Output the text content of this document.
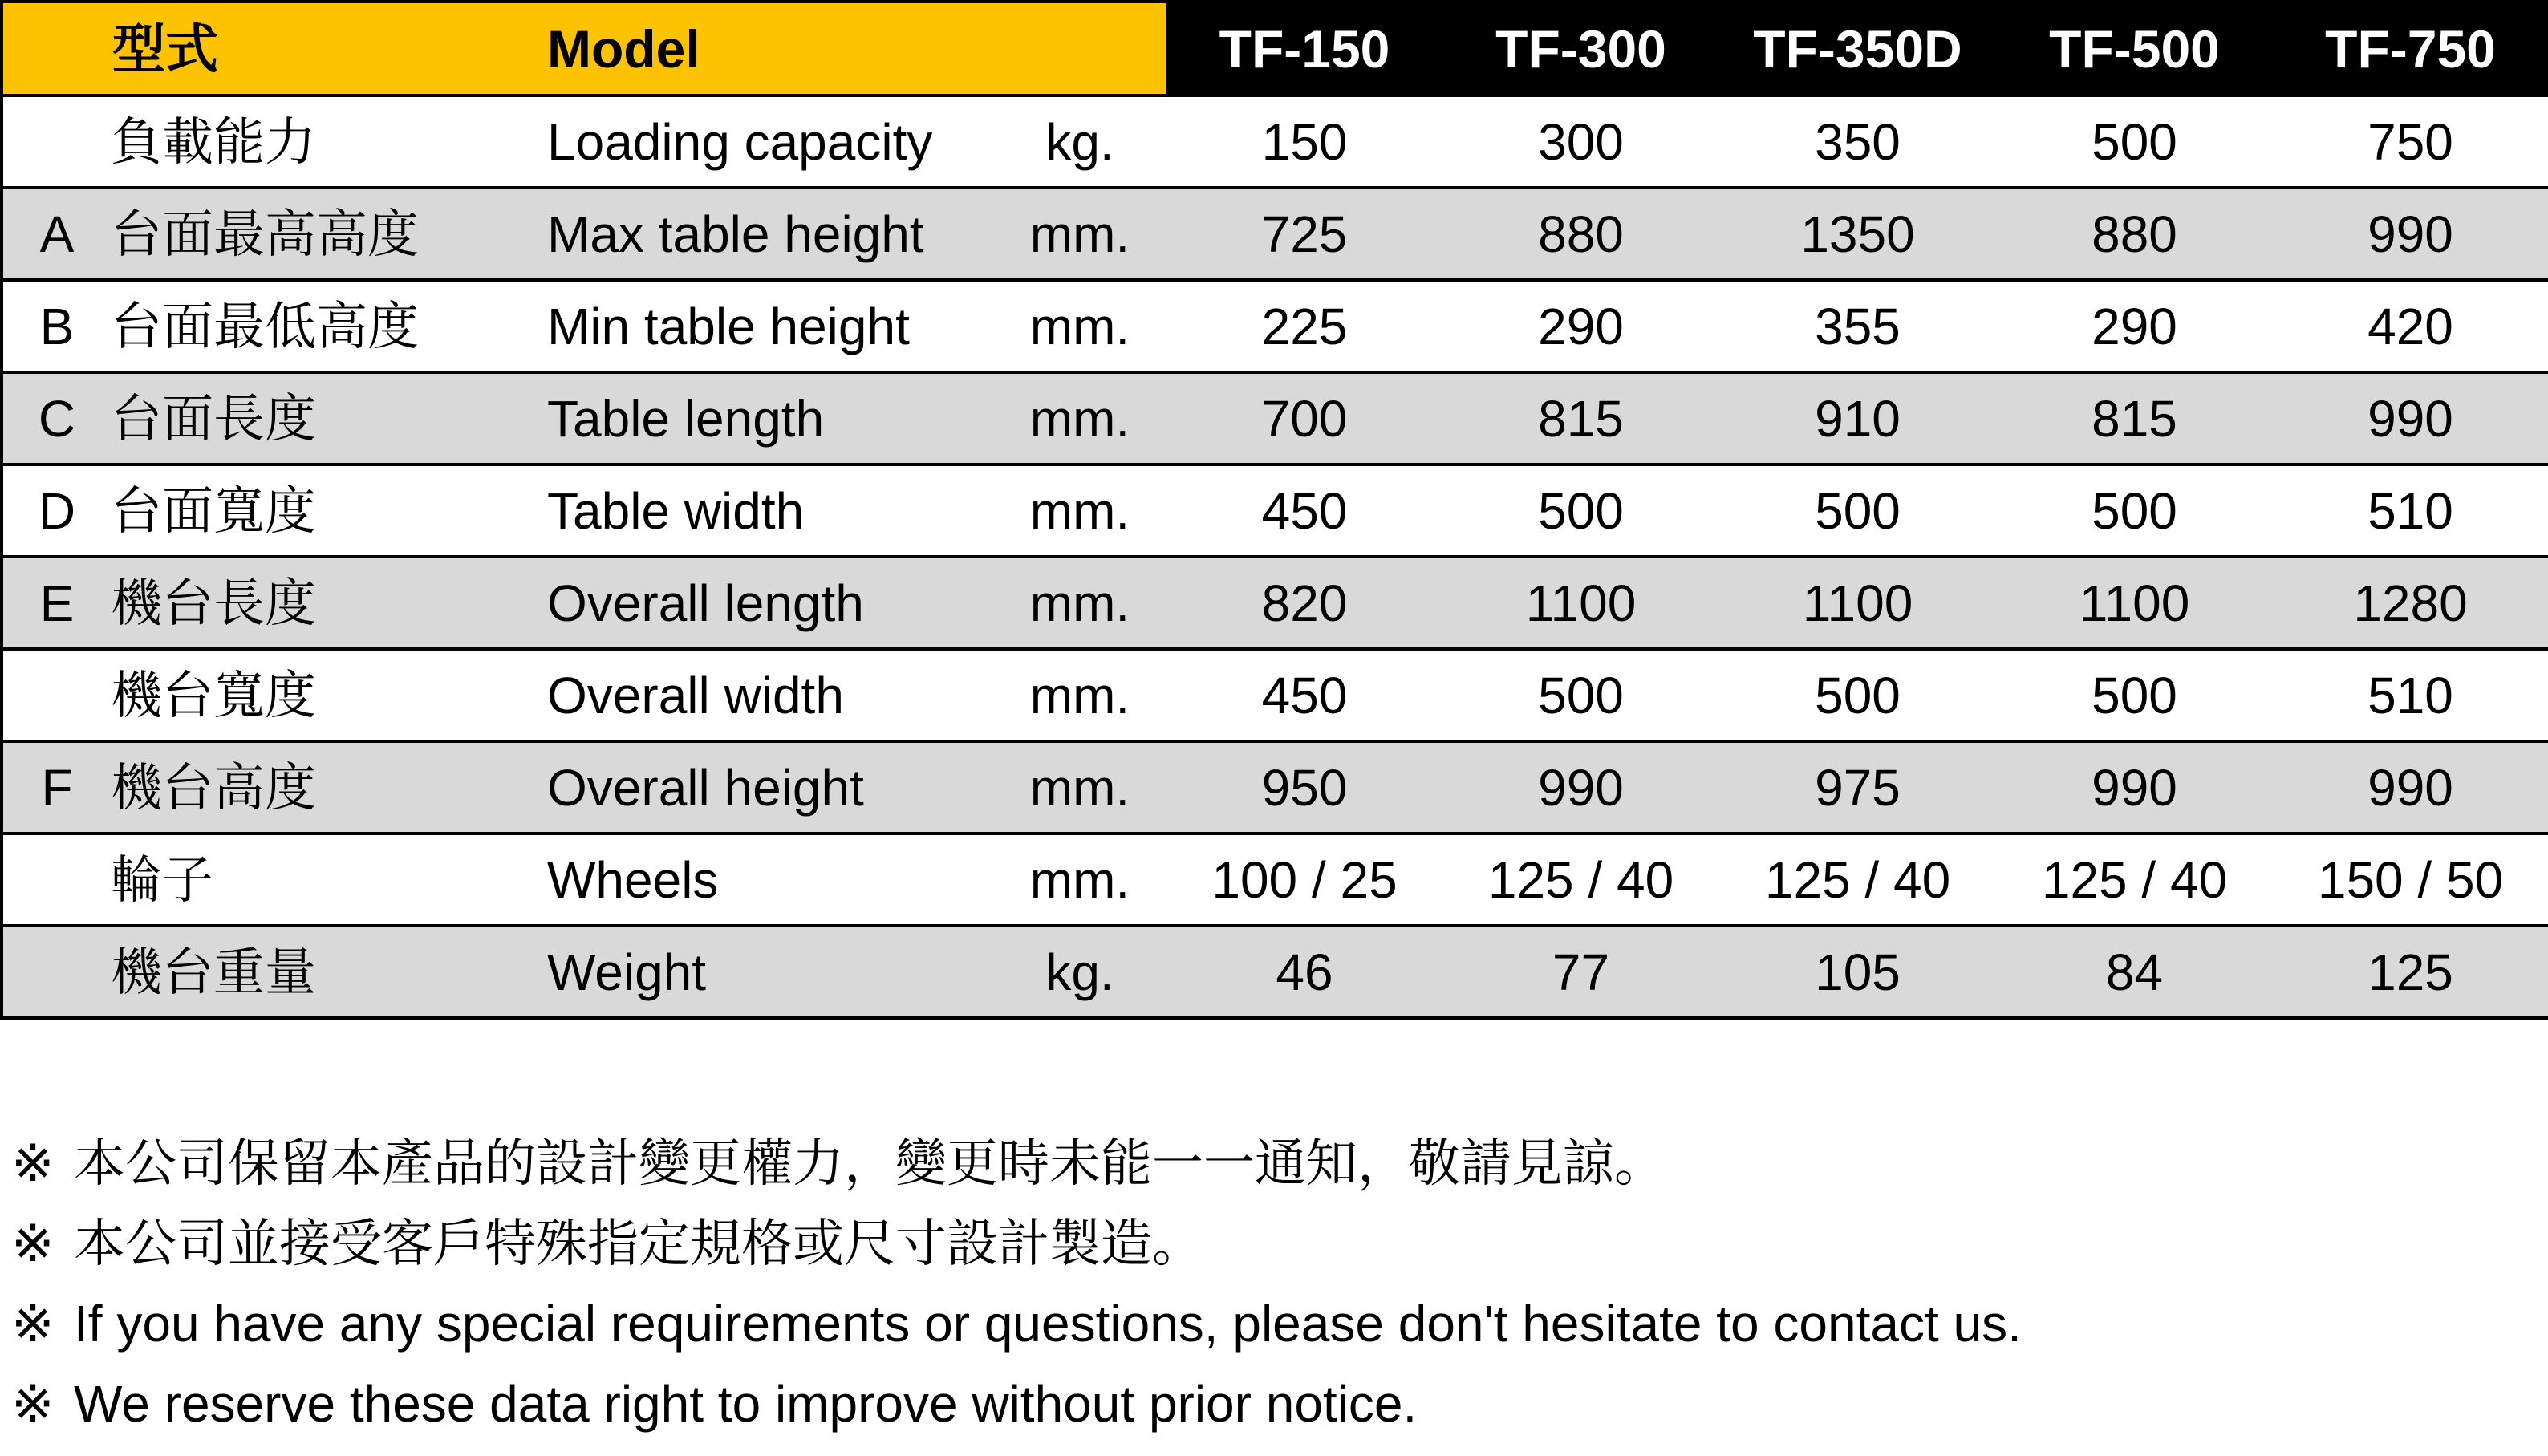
型式		Model		TF-150	TF-300	TF-350D	TF-500	TF-750
	負載能力	Loading capacity	kg.	150	300	350	500	750
A	台面最高高度	Max table height	mm.	725	880	1350	880	990
B	台面最低高度	Min table height	mm.	225	290	355	290	420
C	台面長度	Table length	mm.	700	815	910	815	990
D	台面寬度	Table width	mm.	450	500	500	500	510
E	機台長度	Overall length	mm.	820	1100	1100	1100	1280
	機台寬度	Overall width	mm.	450	500	500	500	510
F	機台高度	Overall height	mm.	950	990	975	990	990
	輪子	Wheels	mm.	100 / 25	125 / 40	125 / 40	125 / 40	150 / 50
	機台重量	Weight	kg.	46	77	105	84	125
※ 本公司保留本產品的設計變更權力，變更時未能一一通知，敬請見諒。
※ 本公司並接受客戶特殊指定規格或尺寸設計製造。
※ If you have any special requirements or questions, please don't hesitate to contact us.
※ We reserve these data right to improve without prior notice.
